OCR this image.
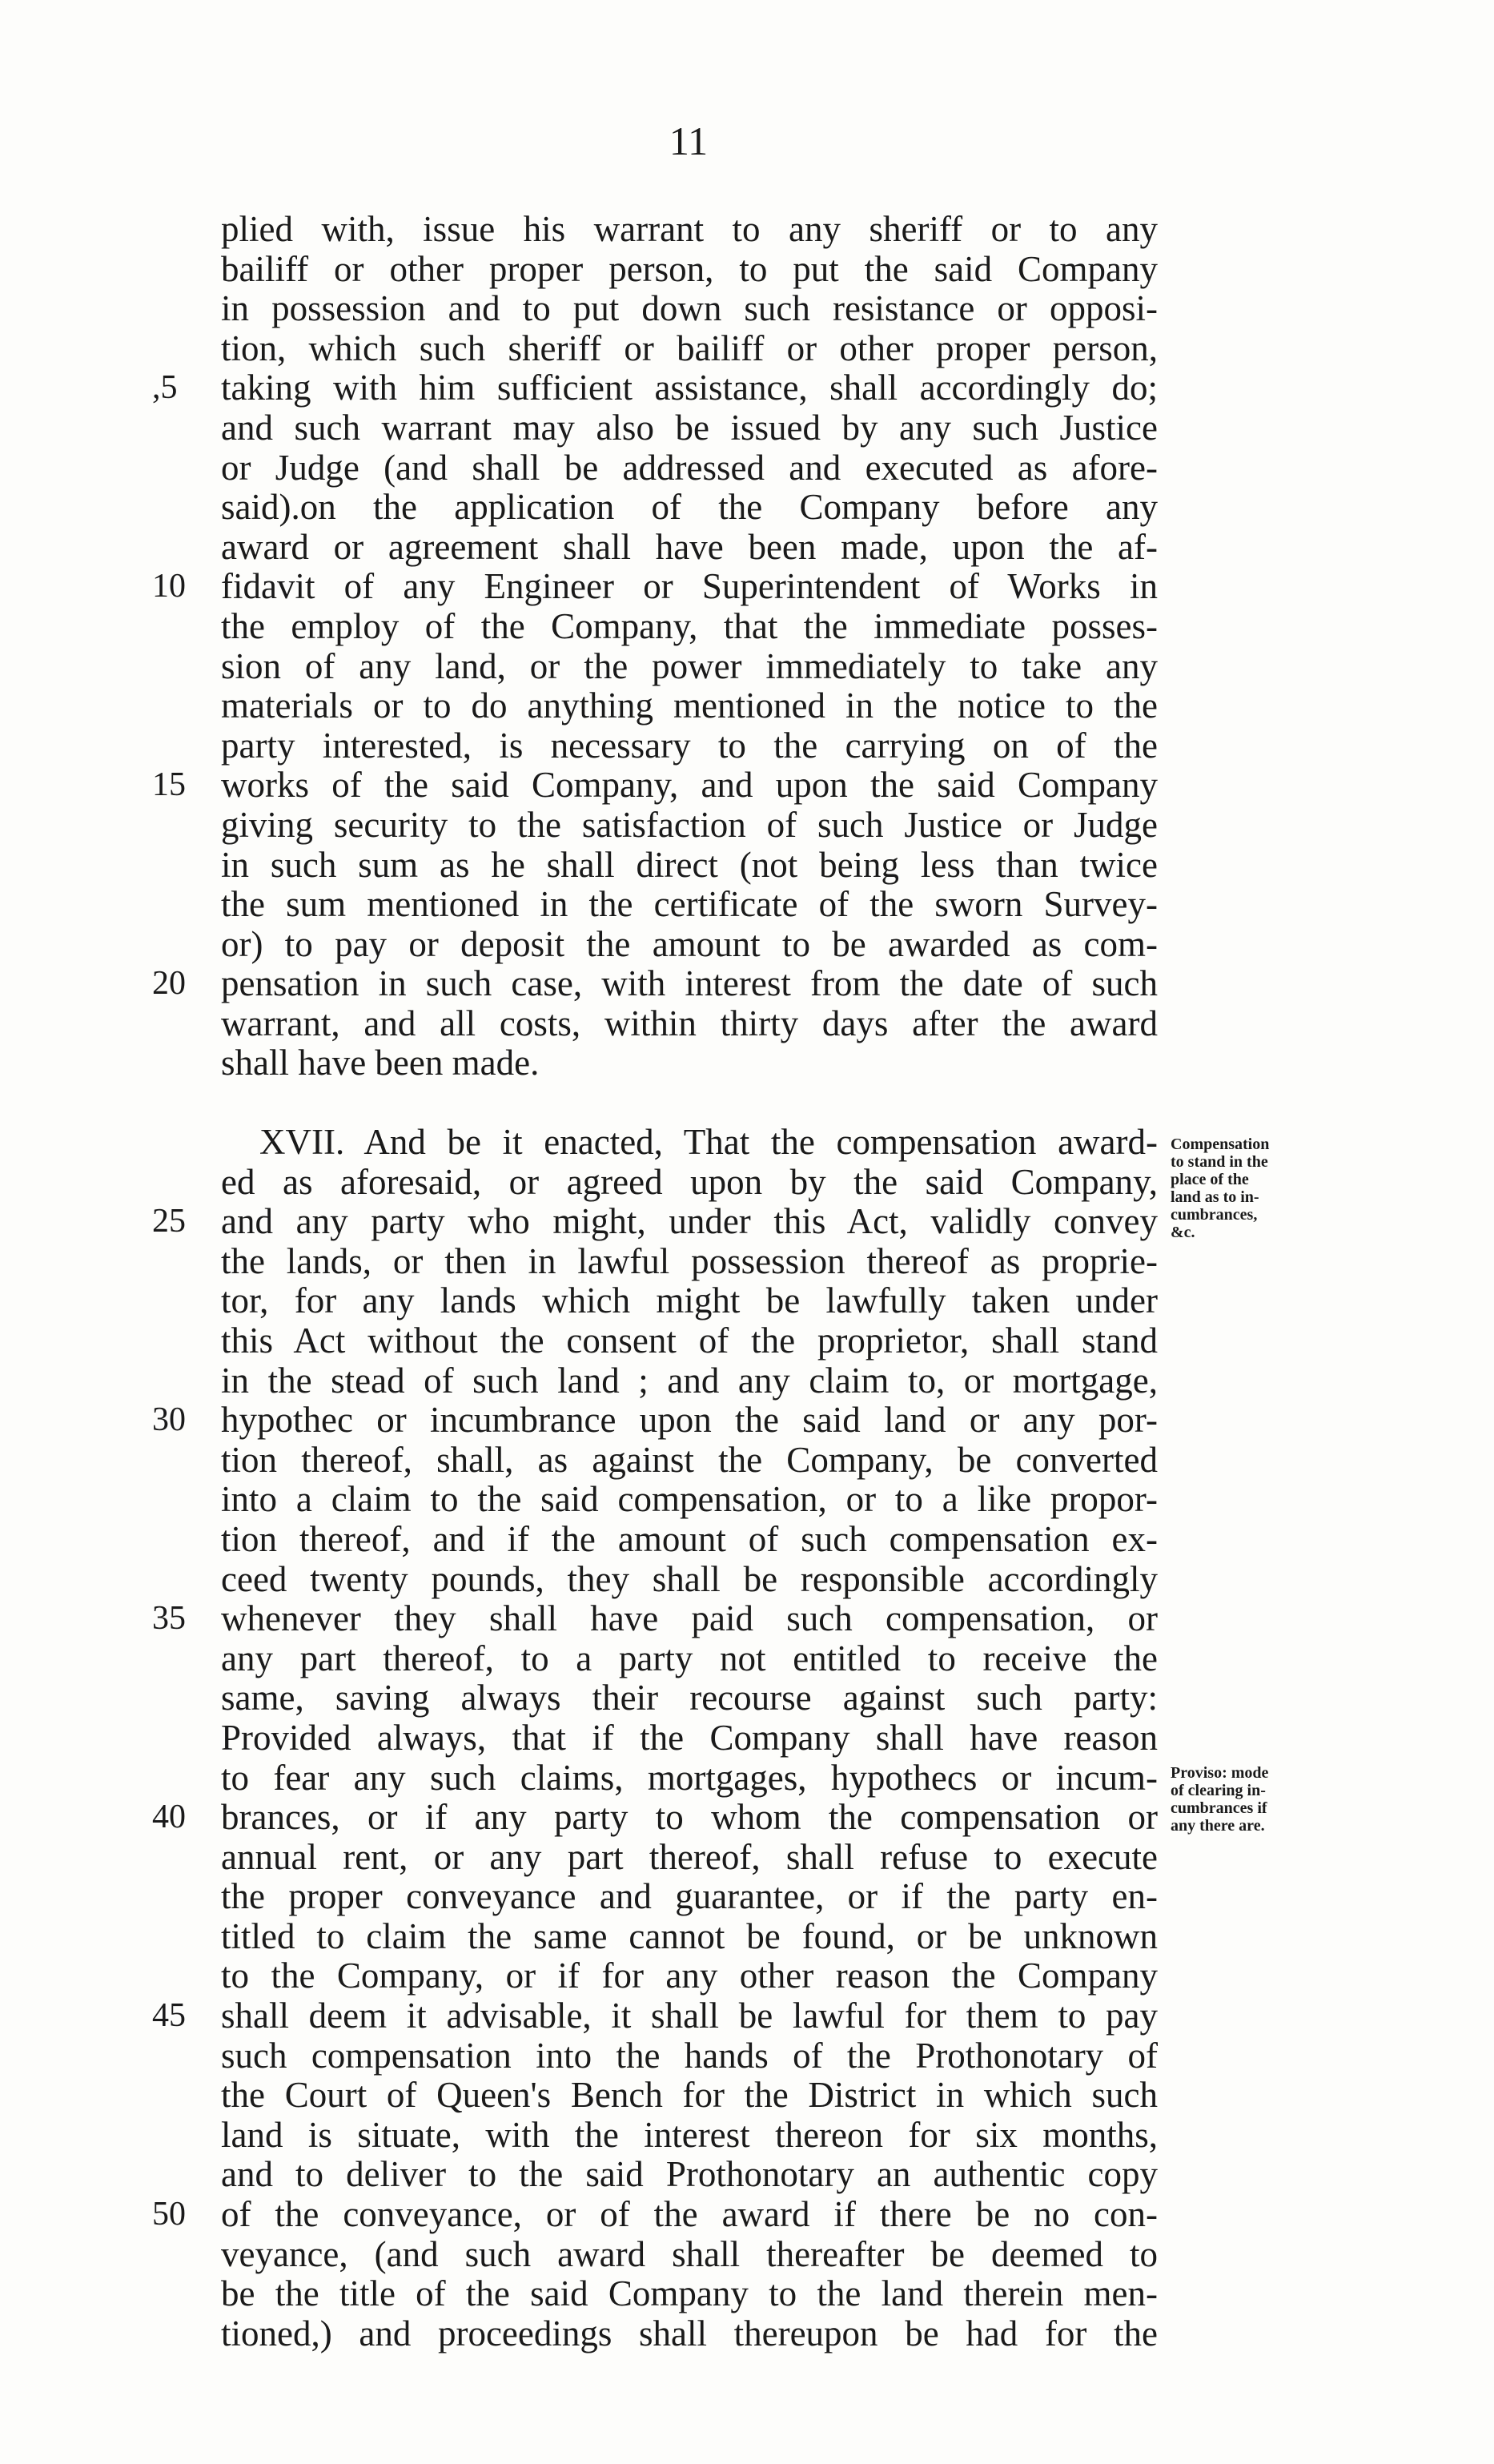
11
plied with, issue his warrant to any sheriff or to any
bailiff or other proper person, to put the said Company
in possession and to put down such resistance or opposi-
tion, which such sheriff or bailiff or other proper person,
,5	taking with him sufficient assistance, shall accordingly do;
and such warrant may also be issued by any such Justice
or Judge (and shall be addressed and executed as afore-
said).on the application of the Company before any
award or agreement shall have been made, upon the af-
10 fidavit of any Engineer or Superintendent of Works in
the employ of the Company, that the immediate posses-
sion of any land, or the power immediately to take any
materials or to do anything mentioned in the notice to the
party interested, is necessary to the carrying on of the
15 works of the said Company, and upon the said Company
giving security to the satisfaction of such Justice or Judge
in such sum as he shall direct (not being less than twice
the sum mentioned in the certificate of the sworn Survey-
or) to pay or deposit the amount to be awarded as com-
20 pensation in such case, with interest from the date of such
warrant, and all costs, within thirty days after the award
shall have been made.
XVII. And be it enacted, That the compensation award-
ed as aforesaid, or agreed upon by the said Company,
25 and any party who might, under this Act, validly convey
the lands, or then in lawful possession thereof as proprie-
tor, for any lands which might be lawfully taken under
this Act without the consent of the proprietor, shall stand
in the stead of such land ; and any claim to, or mortgage,
30 hypothec or incumbrance upon the said land or any por-
tion thereof, shall, as against the Company, be converted
into a claim to the said compensation, or to a like propor-
tion thereof, and if the amount of such compensation ex-
ceed twenty pounds, they shall be responsible accordingly
35 whenever they shall have paid such compensation, or
any part thereof, to a party not entitled to receive the
same, saving always their recourse against such party:
Provided always, that if the Company shall have reason
to fear any such claims, mortgages, hypothecs or incum-
40 brances, or if any party to whom the compensation or
annual rent, or any part thereof, shall refuse to execute
the proper conveyance and guarantee, or if the party en-
titled to claim the same cannot be found, or be unknown
to the Company, or if for any other reason the Company
45 shall deem it advisable, it shall be lawful for them to pay
such compensation into the hands of the Prothonotary of
the Court of Queen's Bench for the District in which such
land is situate, with the interest thereon for six months,
and to deliver to the said Prothonotary an authentic copy
50 of the conveyance, or of the award if there be no con-
veyance, (and such award shall thereafter be deemed to
be the title of the said Company to the land therein men-
tioned,) and proceedings shall thereupon be had for the
Compensation
to stand in the
place of the
land as to in-
cumbrances,
&c.
Proviso: mode
of clearing in-
cumbrances if
any there are.
